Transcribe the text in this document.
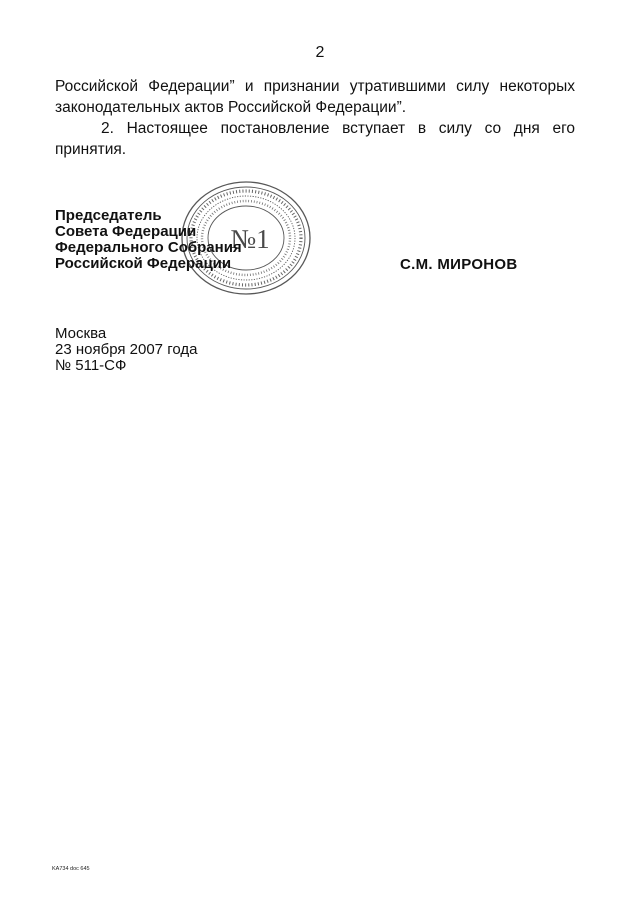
2
Российской Федерации” и признании утратившими силу некоторых
законодательных актов Российской Федерации”.
2. Настоящее постановление вступает в силу со дня его
принятия.
№1
Председатель
Совета Федерации
Федерального Собрания
Российской Федерации	С.М. МИРОНОВ
Москва
23 ноября 2007 года
№ 511-СФ
KA734 doc 645
